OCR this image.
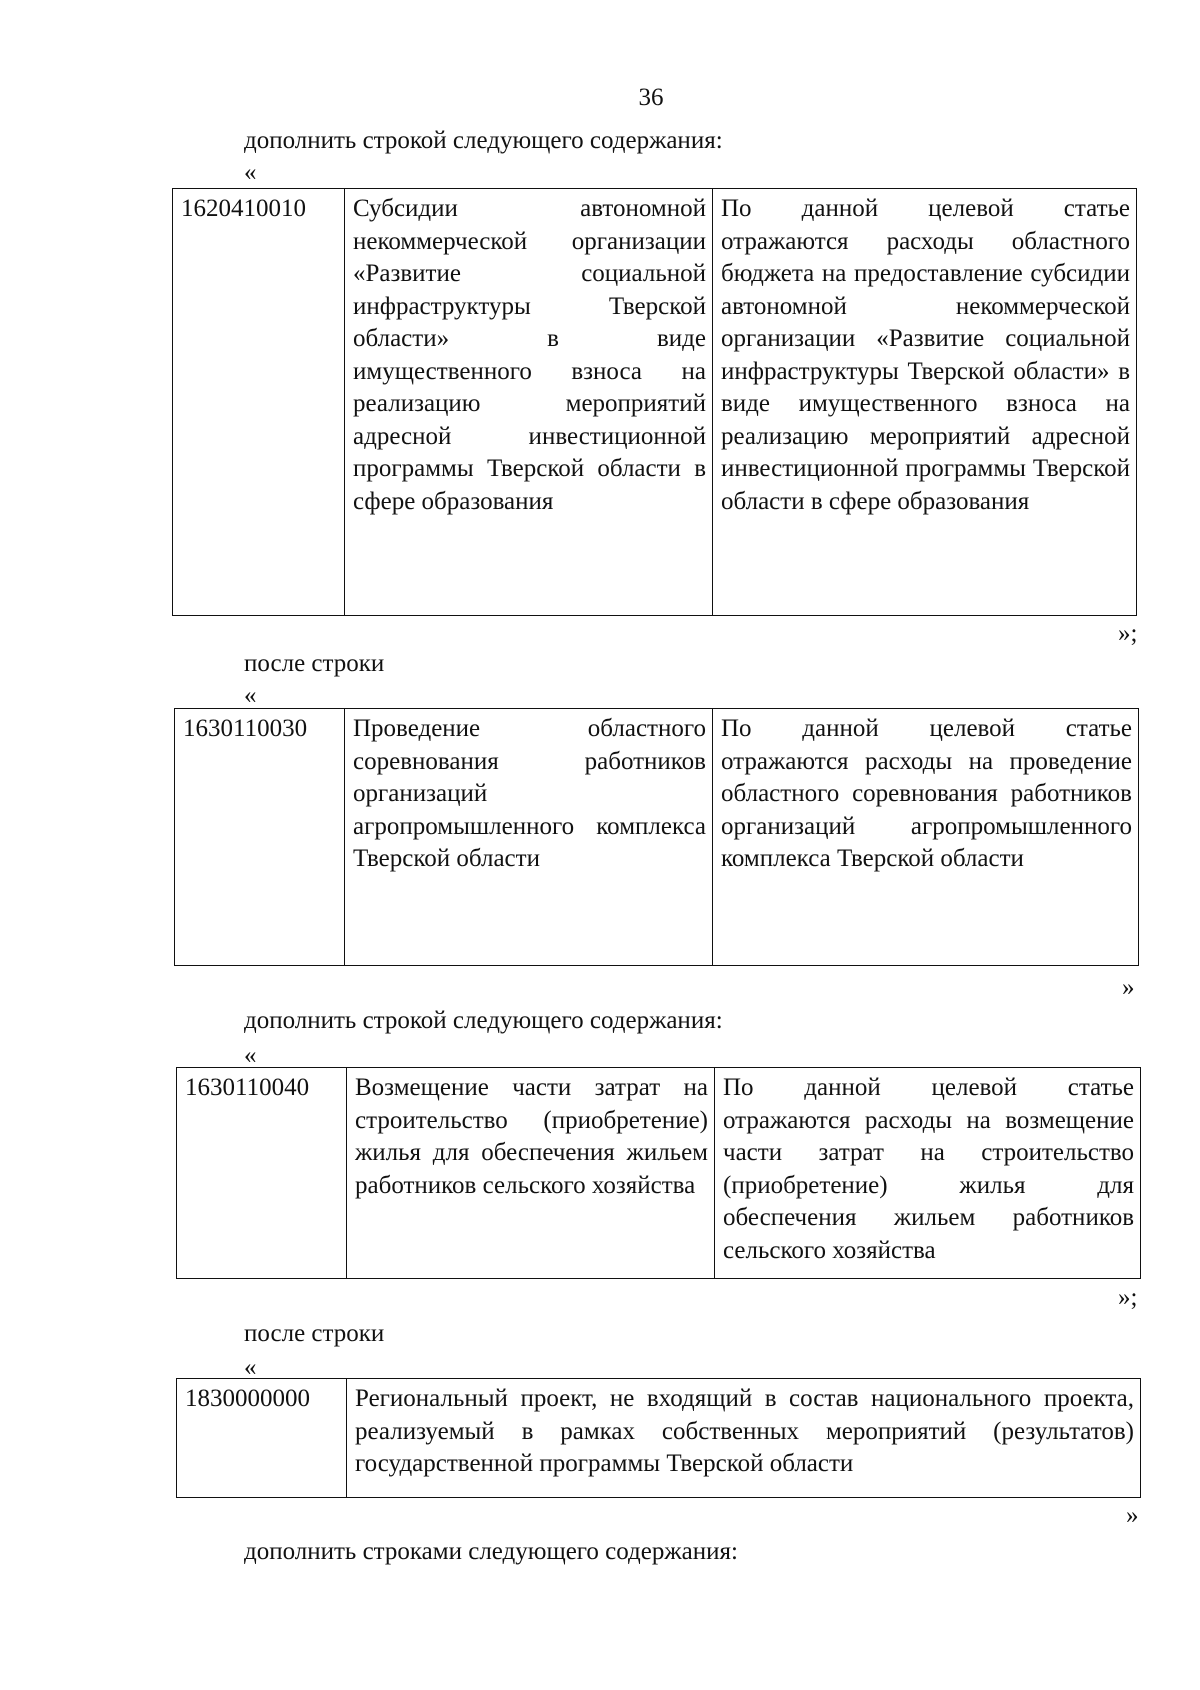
36
дополнить строкой следующего содержания:
«
1620410010	Субсидии автономной некоммерческой организации «Развитие социальной инфраструктуры Тверской области» в виде имущественного взноса на реализацию мероприятий адресной инвестиционной программы Тверской области в сфере образования	По данной целевой статье отражаются расходы областного бюджета на предоставление субсидии автономной некоммерческой организации «Развитие социальной инфраструктуры Тверской области» в виде имущественного взноса на реализацию мероприятий адресной инвестиционной программы Тверской области в сфере образования
»;
после строки
«
1630110030	Проведение областного соревнования работников организаций агропромышленного комплекса Тверской области	По данной целевой статье отражаются расходы на проведение областного соревнования работников организаций агропромышленного комплекса Тверской области
»
дополнить строкой следующего содержания:
«
1630110040	Возмещение части затрат на строительство (приобретение) жилья для обеспечения жильем работников сельского хозяйства	По данной целевой статье отражаются расходы на возмещение части затрат на строительство (приобретение) жилья для обеспечения жильем работников сельского хозяйства
»;
после строки
«
1830000000	Региональный проект, не входящий в состав национального проекта, реализуемый в рамках собственных мероприятий (результатов) государственной программы Тверской области
»
дополнить строками следующего содержания:
